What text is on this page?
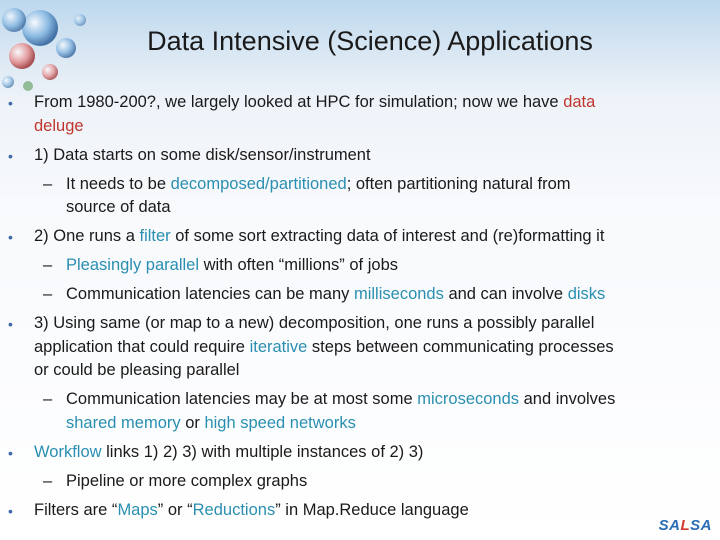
Data Intensive (Science) Applications
• From 1980-200?, we largely looked at HPC for simulation; now we have data
deluge
• 1) Data starts on some disk/sensor/instrument
– It needs to be decomposed/partitioned; often partitioning natural from
source of data
• 2) One runs a filter of some sort extracting data of interest and (re)formatting it
– Pleasingly parallel with often “millions” of jobs
– Communication latencies can be many milliseconds and can involve disks
• 3) Using same (or map to a new) decomposition, one runs a possibly parallel
application that could require iterative steps between communicating processes
or could be pleasing parallel
– Communication latencies may be at most some microseconds and involves
shared memory or high speed networks
• Workflow links 1) 2) 3) with multiple instances of 2) 3)
– Pipeline or more complex graphs
• Filters are “Maps” or “Reductions” in Map.Reduce language
SALSA
